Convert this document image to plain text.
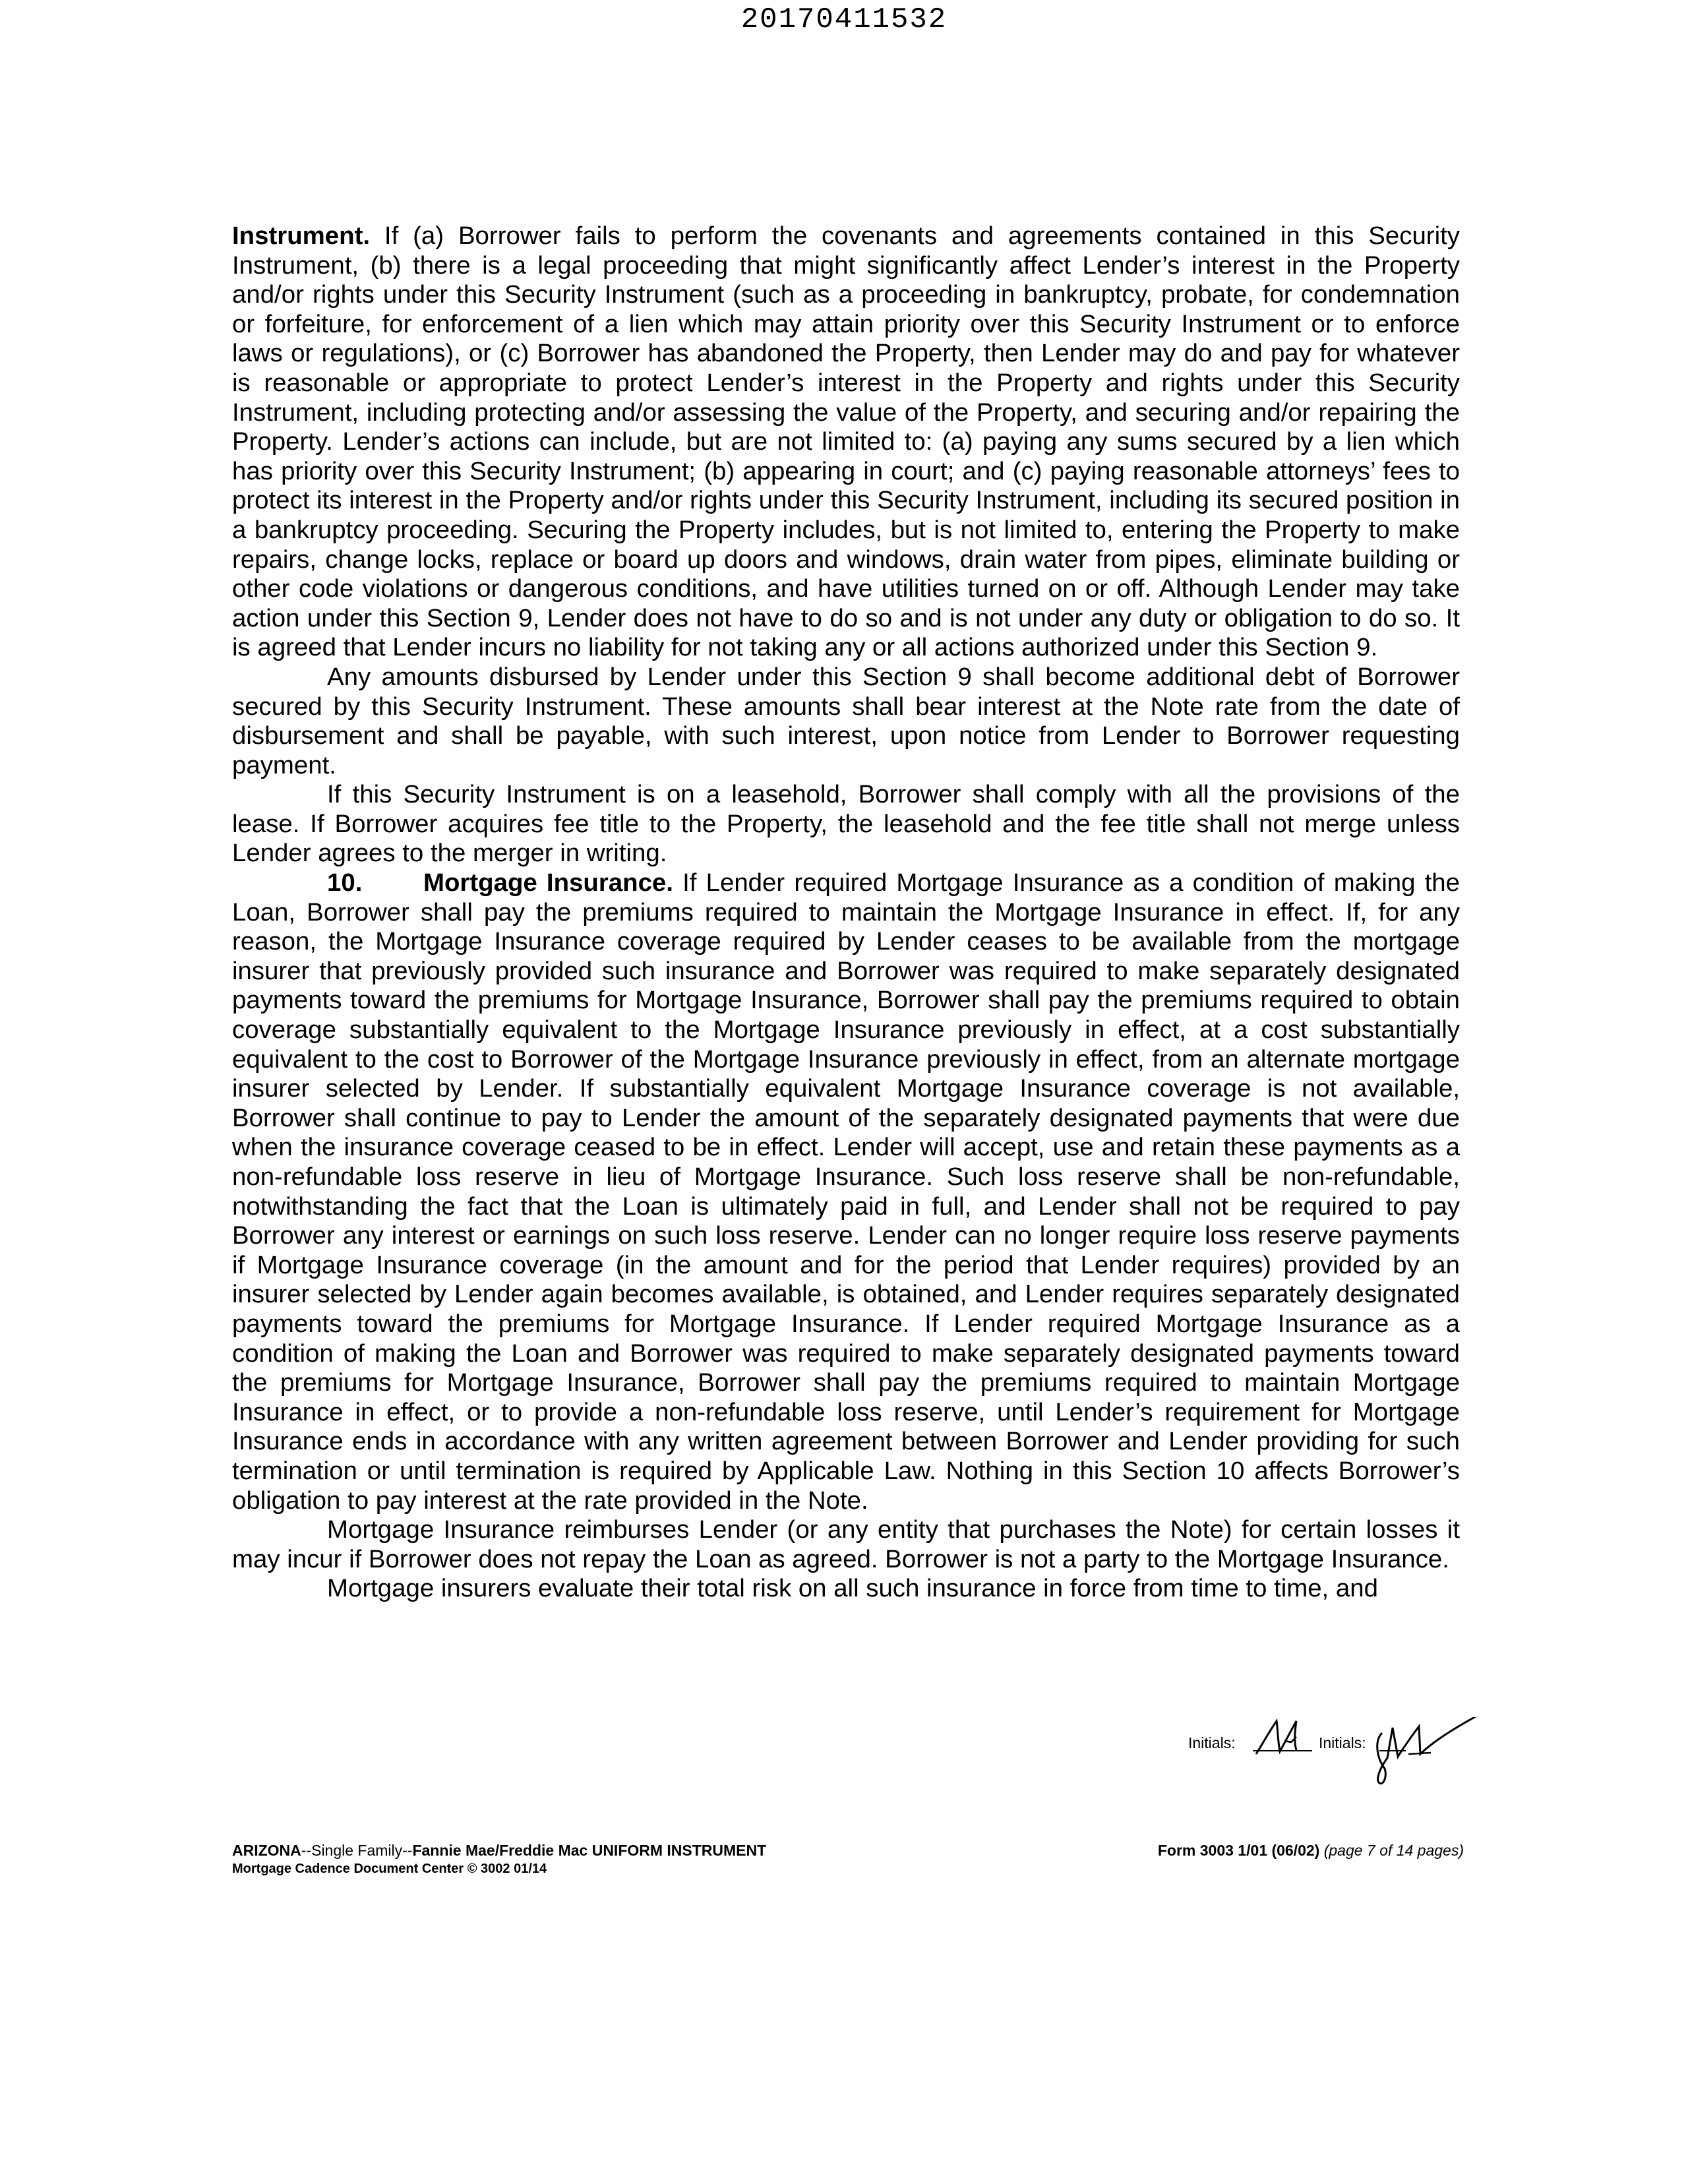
20170411532

Instrument. If (a) Borrower fails to perform the covenants and agreements contained in this Security Instrument, (b) there is a legal proceeding that might significantly affect Lender’s interest in the Property and/or rights under this Security Instrument (such as a proceeding in bankruptcy, probate, for condemnation or forfeiture, for enforcement of a lien which may attain priority over this Security Instrument or to enforce laws or regulations), or (c) Borrower has abandoned the Property, then Lender may do and pay for whatever is reasonable or appropriate to protect Lender’s interest in the Property and rights under this Security Instrument, including protecting and/or assessing the value of the Property, and securing and/or repairing the Property. Lender’s actions can include, but are not limited to: (a) paying any sums secured by a lien which has priority over this Security Instrument; (b) appearing in court; and (c) paying reasonable attorneys’ fees to protect its interest in the Property and/or rights under this Security Instrument, including its secured position in a bankruptcy proceeding. Securing the Property includes, but is not limited to, entering the Property to make repairs, change locks, replace or board up doors and windows, drain water from pipes, eliminate building or other code violations or dangerous conditions, and have utilities turned on or off. Although Lender may take action under this Section 9, Lender does not have to do so and is not under any duty or obligation to do so. It is agreed that Lender incurs no liability for not taking any or all actions authorized under this Section 9.

Any amounts disbursed by Lender under this Section 9 shall become additional debt of Borrower secured by this Security Instrument. These amounts shall bear interest at the Note rate from the date of disbursement and shall be payable, with such interest, upon notice from Lender to Borrower requesting payment.

If this Security Instrument is on a leasehold, Borrower shall comply with all the provisions of the lease. If Borrower acquires fee title to the Property, the leasehold and the fee title shall not merge unless Lender agrees to the merger in writing.

10. Mortgage Insurance. If Lender required Mortgage Insurance as a condition of making the Loan, Borrower shall pay the premiums required to maintain the Mortgage Insurance in effect. If, for any reason, the Mortgage Insurance coverage required by Lender ceases to be available from the mortgage insurer that previously provided such insurance and Borrower was required to make separately designated payments toward the premiums for Mortgage Insurance, Borrower shall pay the premiums required to obtain coverage substantially equivalent to the Mortgage Insurance previously in effect, at a cost substantially equivalent to the cost to Borrower of the Mortgage Insurance previously in effect, from an alternate mortgage insurer selected by Lender. If substantially equivalent Mortgage Insurance coverage is not available, Borrower shall continue to pay to Lender the amount of the separately designated payments that were due when the insurance coverage ceased to be in effect. Lender will accept, use and retain these payments as a non-refundable loss reserve in lieu of Mortgage Insurance. Such loss reserve shall be non-refundable, notwithstanding the fact that the Loan is ultimately paid in full, and Lender shall not be required to pay Borrower any interest or earnings on such loss reserve. Lender can no longer require loss reserve payments if Mortgage Insurance coverage (in the amount and for the period that Lender requires) provided by an insurer selected by Lender again becomes available, is obtained, and Lender requires separately designated payments toward the premiums for Mortgage Insurance. If Lender required Mortgage Insurance as a condition of making the Loan and Borrower was required to make separately designated payments toward the premiums for Mortgage Insurance, Borrower shall pay the premiums required to maintain Mortgage Insurance in effect, or to provide a non-refundable loss reserve, until Lender’s requirement for Mortgage Insurance ends in accordance with any written agreement between Borrower and Lender providing for such termination or until termination is required by Applicable Law. Nothing in this Section 10 affects Borrower’s obligation to pay interest at the rate provided in the Note.

Mortgage Insurance reimburses Lender (or any entity that purchases the Note) for certain losses it may incur if Borrower does not repay the Loan as agreed. Borrower is not a party to the Mortgage Insurance.

Mortgage insurers evaluate their total risk on all such insurance in force from time to time, and

Initials:	Initials:
ARIZONA--Single Family--Fannie Mae/Freddie Mac UNIFORM INSTRUMENT
Mortgage Cadence Document Center © 3002 01/14
Form 3003 1/01 (06/02) (page 7 of 14 pages)
